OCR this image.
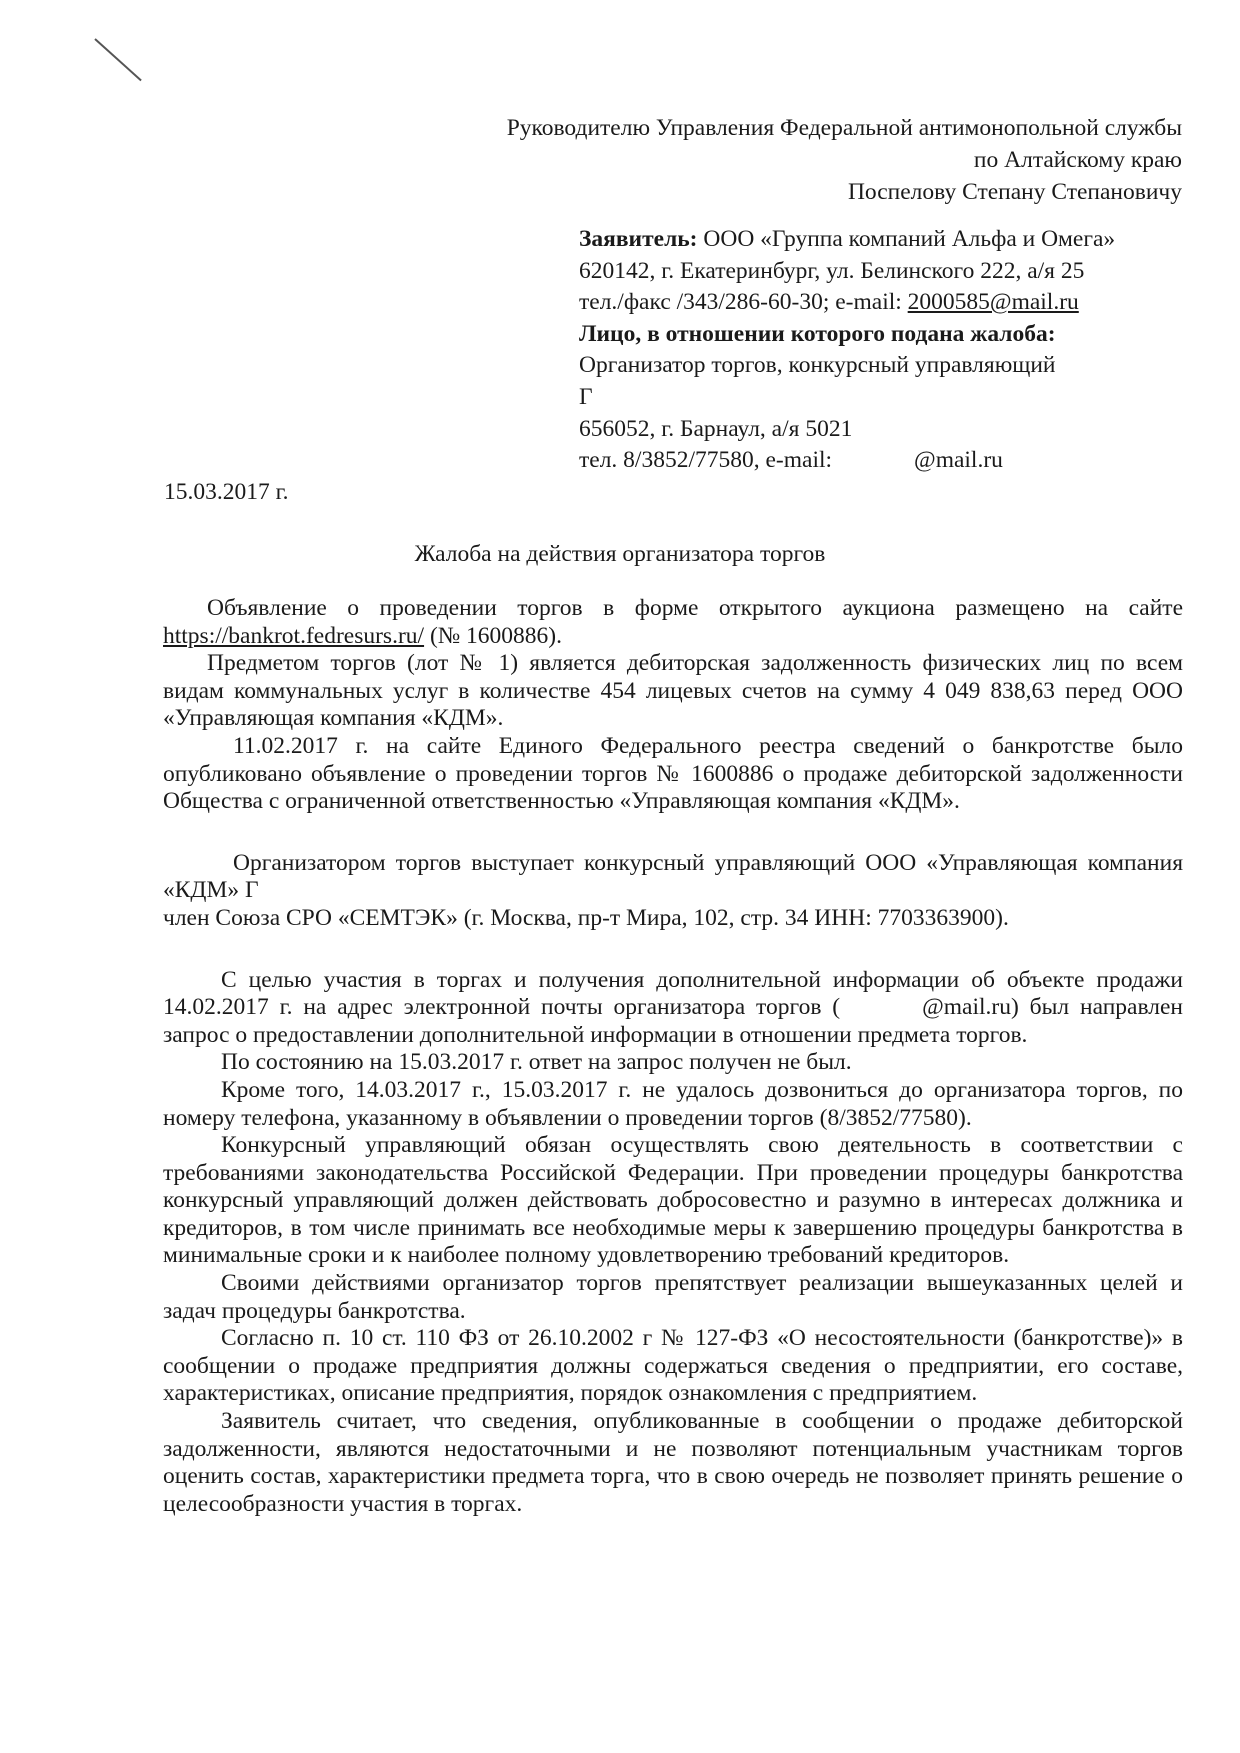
Руководителю Управления Федеральной антимонопольной службы
по Алтайскому краю
Поспелову Степану Степановичу
Заявитель: ООО «Группа компаний Альфа и Омега»
620142, г. Екатеринбург, ул. Белинского 222, а/я 25
тел./факс /343/286-60-30; e-mail: 2000585@mail.ru
Лицо, в отношении которого подана жалоба:
Организатор торгов, конкурсный управляющий
Г
656052, г. Барнаул, а/я 5021
тел. 8/3852/77580, e-mail:	@mail.ru
15.03.2017 г.
Жалоба на действия организатора торгов

Объявление о проведении торгов в форме открытого аукциона размещено на сайте https://bankrot.fedresurs.ru/ (№ 1600886).

Предметом торгов (лот № 1) является дебиторская задолженность физических лиц по всем видам коммунальных услуг в количестве 454 лицевых счетов на сумму 4 049 838,63 перед ООО «Управляющая компания «КДМ».

11.02.2017 г. на сайте Единого Федерального реестра сведений о банкротстве было опубликовано объявление о проведении торгов № 1600886 о продаже дебиторской задолженности Общества с ограниченной ответственностью «Управляющая компания «КДМ».

Организатором торгов выступает конкурсный управляющий ООО «Управляющая компания «КДМ» Г

член Союза СРО «СЕМТЭК» (г. Москва, пр-т Мира, 102, стр. 34 ИНН: 7703363900).

С целью участия в торгах и получения дополнительной информации об объекте продажи 14.02.2017 г. на адрес электронной почты организатора торгов (	@mail.ru) был направлен запрос о предоставлении дополнительной информации в отношении предмета торгов.

По состоянию на 15.03.2017 г. ответ на запрос получен не был.

Кроме того, 14.03.2017 г., 15.03.2017 г. не удалось дозвониться до организатора торгов, по номеру телефона, указанному в объявлении о проведении торгов (8/3852/77580).

Конкурсный управляющий обязан осуществлять свою деятельность в соответствии с требованиями законодательства Российской Федерации. При проведении процедуры банкротства конкурсный управляющий должен действовать добросовестно и разумно в интересах должника и кредиторов, в том числе принимать все необходимые меры к завершению процедуры банкротства в минимальные сроки и к наиболее полному удовлетворению требований кредиторов.

Своими действиями организатор торгов препятствует реализации вышеуказанных целей и задач процедуры банкротства.

Согласно п. 10 ст. 110 ФЗ от 26.10.2002 г № 127-ФЗ «О несостоятельности (банкротстве)» в сообщении о продаже предприятия должны содержаться сведения о предприятии, его составе, характеристиках, описание предприятия, порядок ознакомления с предприятием.

Заявитель считает, что сведения, опубликованные в сообщении о продаже дебиторской задолженности, являются недостаточными и не позволяют потенциальным участникам торгов оценить состав, характеристики предмета торга, что в свою очередь не позволяет принять решение о целесообразности участия в торгах.
